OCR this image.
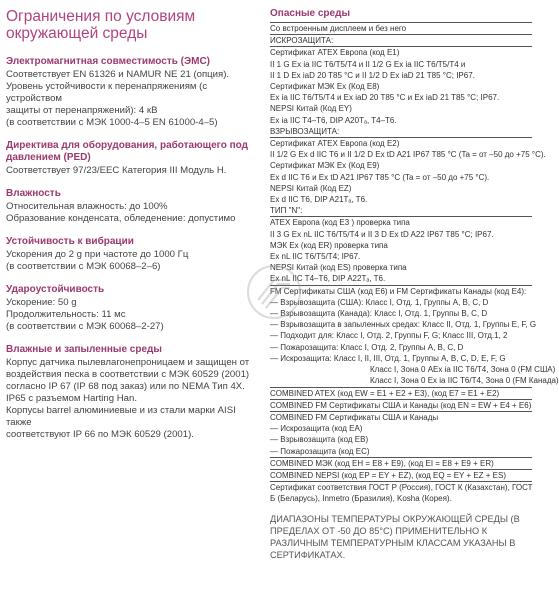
Ограничения по условиям
окружающей среды
Электромагнитная совместимость (ЭМС)

Соответствует EN 61326 и NAMUR NE 21 (опция).
Уровень устойчивости к перенапряжениям (с устройством
защиты от перенапряжений): 4 кВ
(в соответствии с МЭК 1000-4–5 EN 61000-4–5)

Директива для оборудования, работающего под давлением (PED)

Соответствует 97/23/EEC Категория III Модуль H.

Влажность

Относительная влажность: до 100%
Образование конденсата, обледенение: допустимо

Устойчивость к вибрации

Ускорения до 2 g при частоте до 1000 Гц
(в соответствии с МЭК 60068–2–6)

Ударoустойчивость

Ускорение: 50 g
Продолжительность: 11 мс
(в соответствии с МЭК 60068–2-27)

Влажные и запыленные среды

Корпус датчика пылевлагонепроницаем и защищен от
воздействия песка в соответствии с МЭК 60529 (2001)
согласно IP 67 (IP 68 под заказ) или по NEMA Тип 4X.
IP65 с разъемом Harting Han.
Корпусы barrel алюминиевые и из стали марки AISI также
соответствуют IP 66 по МЭК 60529 (2001).

Опасные среды
Со встроенным дисплеем и без него
ИСКРОЗАЩИТА:
Сертификат ATEX Европа (код E1)
II 1 G Ex ia IIC T6/T5/T4 и II 1/2 G Ex ia IIC T6/T5/T4 и
II 1 D Ex iaD 20 T85 °C и II 1/2 D Ex iaD 21 T85 °C; IP67.
Сертификат МЭК Ex (Код E8)
Ex ia IIC T6/T5/T4 и Ex iaD 20 T85 °C и Ex iaD 21 T85 °C; IP67.
NEPSI Китай (Код EY)
Ex ia IIC T4–T6, DIP A20Tₐ, T4–T6.
ВЗРЫВОЗАЩИТА:
Сертификат ATEX Европа (код E2)
II 1/2 G Ex d IIC T6 и II 1/2 D Ex tD A21 IP67 T85 °C (Ta = от –50 до +75 °C).
Сертификат МЭК Ex (Код E9)
Ex d IIC T6 и Ex tD A21 IP67 T85 °C (Ta = от –50 до +75 °C).
NEPSI Китай (Код EZ)
Ex d IIC T6, DIP A21Tₐ, T6.
ТИП "N":
ATEX Европа (код E3 ) проверка типа
II 3 G Ex nL IIC T6/T5/T4 и II 3 D Ex tD A22 IP67 T85 °C; IP67.
МЭК Ex (код ER) проверка типа
Ex nL IIC T6/T5/T4; IP67.
NEPSI Китай (код ES) проверка типа
Ex nL IIC T4–T6, DIP A22Tₐ, T6.
FM Сертификаты США (код E6) и FM Сертификаты Канады (код E4):
— Взрывозащита (США): Класс I, Отд. 1, Группы A, B, C, D
— Взрывозащита (Канада): Класс I, Отд. 1, Группы B, C, D
— Взрывозащита в запыленных средах: Класс II, Отд. 1, Группы E, F, G
— Подходит для: Класс I, Отд. 2, Группы F, G; Класс III, Отд.1, 2
— Пожарозащита: Класс I, Отд. 2, Группы A, B, C, D
— Искрозащита: Класс I, II, III, Отд. 1, Группы A, B, C, D, E, F, G
Класс I, Зона 0 AEx ia IIC T6/T4, Зона 0 (FM США)
Класс I, Зона 0 Ex ia IIC T6/T4, Зона 0 (FM Канада)
COMBINED ATEX (код EW = E1 + E2 + E3), (код E7 = E1 + E2)
COMBINED FM Сертификаты США и Канады (код EN = EW + E4 + E6)
COMBINED FM Сертификаты США и Канады
— Искрозащита (код EA)
— Взрывозащита (код EB)
— Пожарозащита (код EC)
COMBINED МЭК (код EH = E8 + E9), (код EI = E8 + E9 + ER)
COMBINED NEPSI (код EP = EY + EZ), (код EQ = EY + EZ + ES)
Сертификат соответствия ГОСТ Р (Россия), ГОСТ К (Казахстан), ГОСТ
Б (Беларусь), Inmetro (Бразилия), Kosha (Корея).
ДИАПАЗОНЫ ТЕМПЕРАТУРЫ ОКРУЖАЮЩЕЙ СРЕДЫ (В ПРЕДЕЛАХ ОТ -50 ДО 85°C) ПРИМЕНИТЕЛЬНО К РАЗЛИЧНЫМ ТЕМПЕРАТУРНЫМ КЛАССАМ УКАЗАНЫ В СЕРТИФИКАТАХ.
